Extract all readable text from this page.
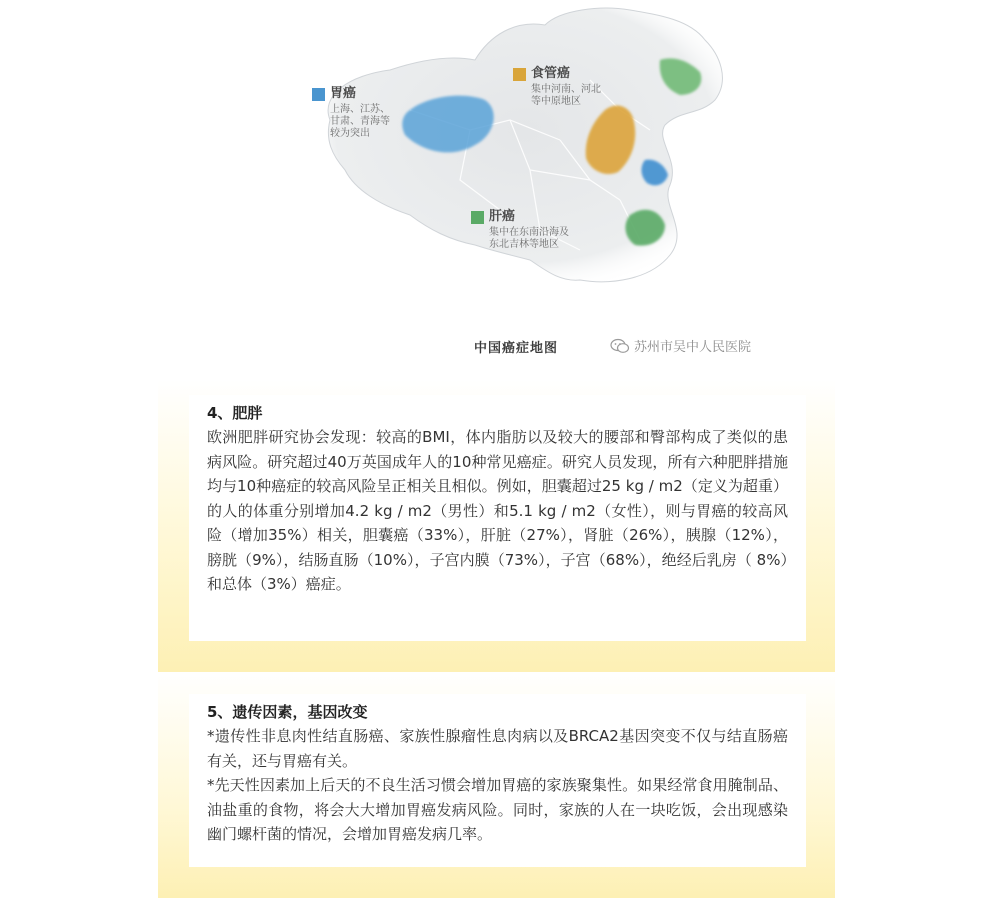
胃癌
上海、江苏、
甘肃、青海等
较为突出
食管癌
集中河南、河北
等中原地区
肝癌
集中在东南沿海及
东北吉林等地区
中国癌症地图	苏州市吴中人民医院
4、肥胖

欧洲肥胖研究协会发现：较高的BMI，体内脂肪以及较大的腰部和臀部构成了类似的患病风险。研究超过40万英国成年人的10种常见癌症。研究人员发现，所有六种肥胖措施均与10种癌症的较高风险呈正相关且相似。例如，胆囊超过25 kg / m2（定义为超重）的人的体重分别增加4.2 kg / m2（男性）和5.1 kg / m2（女性），则与胃癌的较高风险（增加35%）相关，胆囊癌（33%），肝脏（27%），肾脏（26%），胰腺（12%），膀胱（9%），结肠直肠（10%），子宫内膜（73%），子宫（68%），绝经后乳房（ 8%）和总体（3%）癌症。

5、遗传因素，基因改变

*遗传性非息肉性结直肠癌、家族性腺瘤性息肉病以及BRCA2基因突变不仅与结直肠癌有关，还与胃癌有关。

*先天性因素加上后天的不良生活习惯会增加胃癌的家族聚集性。如果经常食用腌制品、油盐重的食物，将会大大增加胃癌发病风险。同时，家族的人在一块吃饭，会出现感染幽门螺杆菌的情况，会增加胃癌发病几率。
